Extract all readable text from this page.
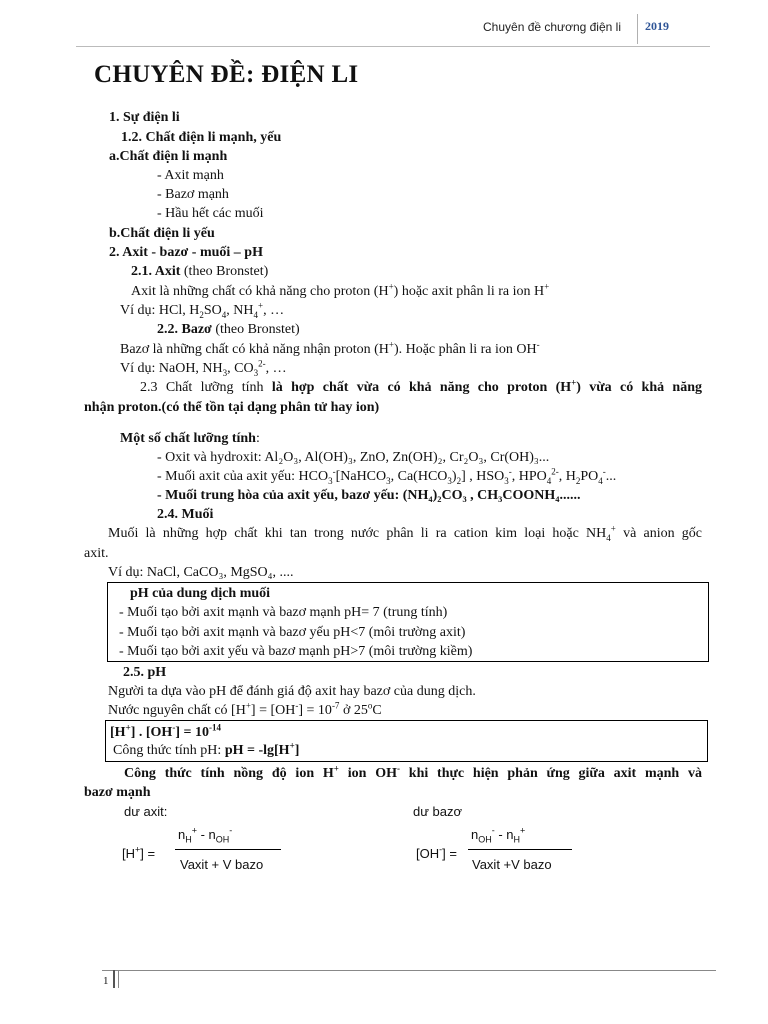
Chuyên đề chương điện li 2019
CHUYÊN ĐỀ: ĐIỆN LI
1. Sự điện li
1.2. Chất điện li mạnh, yếu
a.Chất điện li mạnh
- Axit mạnh
- Bazơ mạnh
- Hầu hết các muối
b.Chất điện li yếu
2. Axit - bazơ - muối – pH
2.1. Axit (theo Bronstet)
Axit là những chất có khả năng cho proton (H+) hoặc axit phân li ra ion H+
Ví dụ: HCl, $H_2SO_4$, $NH_4^+$, …
2.2. Bazơ (theo Bronstet)
Bazơ là những chất có khả năng nhận proton (H+). Hoặc phân li ra ion OH-
Ví dụ: NaOH, $NH_3$, $CO_3^{2-}$, …
2.3 Chất lưỡng tính là hợp chất vừa có khả năng cho proton (H+) vừa có khả năng
nhận proton.(có thể tồn tại dạng phân tử hay ion)
Một số chất lưỡng tính:
- Oxit và hydroxit: Al₂O₃, Al(OH)₃, ZnO, Zn(OH)₂, Cr₂O₃, Cr(OH)₃...
- Muối axit của axit yếu: $HCO_3^-[NaHCO_3$, $Ca(HCO_3)_2$] , $HSO_3^-$, $HPO_4^{2-}$, $H_2PO_4^-$...
- Muối trung hòa của axit yếu, bazơ yếu: (NH₄)₂CO₃ , CH₃COONH₄......
2.4. Muối
Muối là những hợp chất khi tan trong nước phân li ra cation kim loại hoặc $NH_4^+$ và anion gốc
axit.
Ví dụ: NaCl, CaCO₃, MgSO₄, ....
pH của dung dịch muối
- Muối tạo bởi axit mạnh và bazơ mạnh pH= 7 (trung tính)
- Muối tạo bởi axit mạnh và bazơ yếu pH<7 (môi trường axit)
- Muối tạo bởi axit yếu và bazơ mạnh pH>7 (môi trường kiềm)
2.5. pH
Người ta dựa vào pH để đánh giá độ axit hay bazơ của dung dịch.
Nước nguyên chất có $[H^+] = [OH^-] = 10^{-7}$ ở 25$^o$C
[H+] . $[OH^-] = 10^{-14}$
Công thức tính pH: pH = -lg[H+]
Công thức tính nồng độ ion H+ ion OH- khi thực hiện phản ứng giữa axit mạnh và
bazơ mạnh
dư axit:	dư bazơ
[H+] =
$n_H^+ - n_{OH}^-$
Vaxit + V bazo
[OH-] =
$n_{OH}^- - n_H^+$
Vaxit +V bazo
1
